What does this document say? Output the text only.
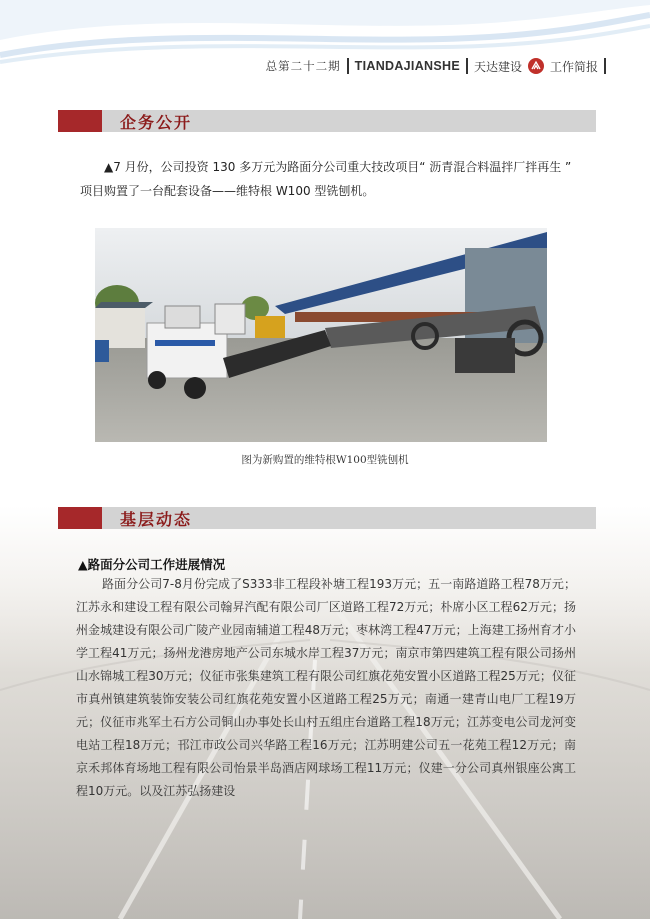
总第二十二期 TIANDAJIANSHE 天达建设 工作简报
企务公开
▲7 月份，公司投资 130 多万元为路面分公司重大技改项目“ 沥青混合料温拌厂拌再生 ”
项目购置了一台配套设备——维特根 W100 型铣刨机。
图为新购置的维特根W100型铣刨机
基层动态
▲路面分公司工作进展情况
路面分公司7-8月份完成了S333非工程段补塘工程193万元；五一南路道路工程78万元；江苏永和建设工程有限公司翰昇汽配有限公司厂区道路工程72万元；朴席小区工程62万元；扬州金城建设有限公司广陵产业园南辅道工程48万元；枣林湾工程47万元；上海建工扬州育才小学工程41万元；扬州龙港房地产公司东城水岸工程37万元；南京市第四建筑工程有限公司扬州山水锦城工程30万元；仪征市张集建筑工程有限公司红旗花苑安置小区道路工程25万元；仪征市真州镇建筑装饰安装公司红旗花苑安置小区道路工程25万元；南通一建青山电厂工程19万元；仪征市兆军土石方公司铜山办事处长山村五组庄台道路工程18万元；江苏变电公司龙河变电站工程18万元；邗江市政公司兴华路工程16万元；江苏明建公司五一花苑工程12万元；南京禾邦体育场地工程有限公司怡景半岛酒店网球场工程11万元；仪建一分公司真州银座公寓工程10万元。以及江苏弘扬建设
